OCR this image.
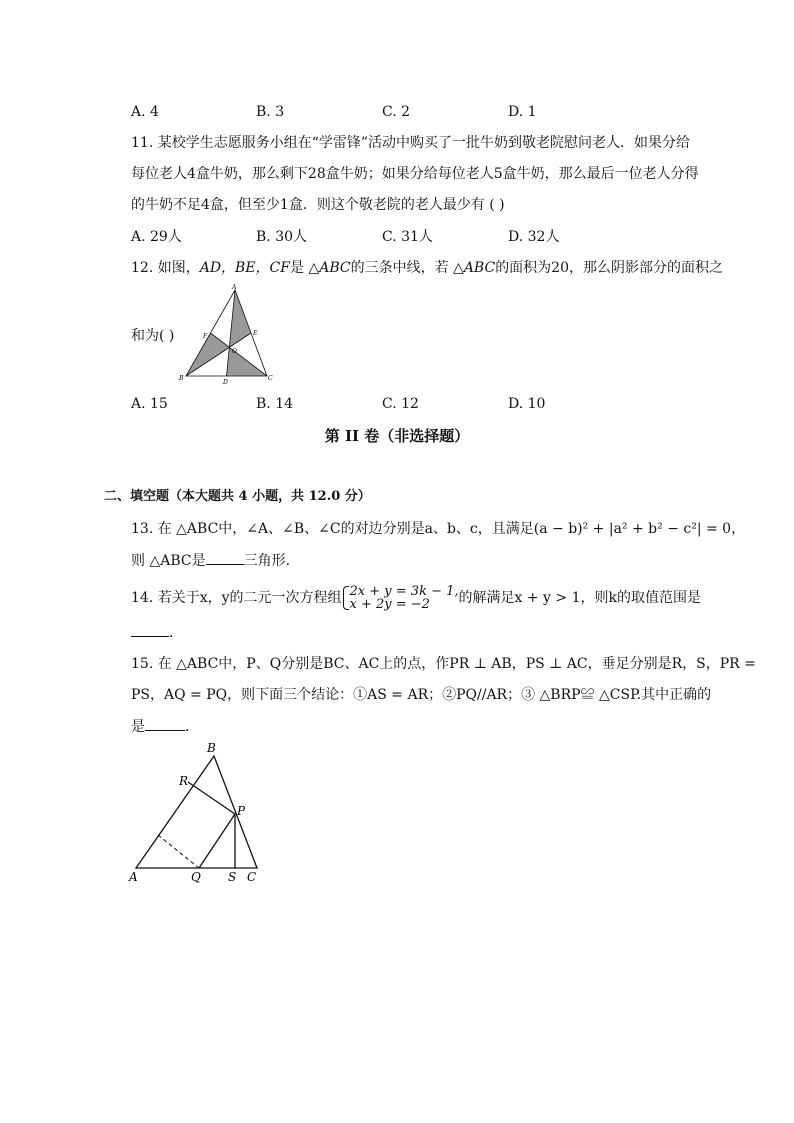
A. 4	B. 3	C. 2	D. 1
11. 某校学生志愿服务小组在“学雷锋”活动中购买了一批牛奶到敬老院慰问老人．如果分给
每位老人4盒牛奶，那么剩下28盒牛奶；如果分给每位老人5盒牛奶，那么最后一位老人分得
的牛奶不足4盒，但至少1盒．则这个敬老院的老人最少有 ( )
A. 29人	B. 30人	C. 31人	D. 32人
12. 如图，AD，BE，CF是 △ABC的三条中线，若 △ABC的面积为20，那么阴影部分的面积之
和为( )
A
B	C
D
E
F
O
A. 15	B. 14	C. 12	D. 10
第 II 卷（非选择题）
二、填空题（本大题共 4 小题，共 12.0 分）
13. 在 △ABC中，∠A、∠B、∠C的对边分别是a、b、c，且满足(a − b)² + |a² + b² − c²| = 0，
则 △ABC是	三角形．
14. 若关于x，y的二元一次方程组 2x + y = 3k − 1,
x + 2y = −2	的解满足x + y > 1，则k的取值范围是
．
15. 在 △ABC中，P、Q分别是BC、AC上的点，作PR ⊥ AB，PS ⊥ AC，垂足分别是R，S，PR =
PS，AQ = PQ，则下面三个结论：①AS = AR；②PQ//AR；③ △BRP≌ △CSP.其中正确的
是	．
A
B
C
P
Q
R
S
